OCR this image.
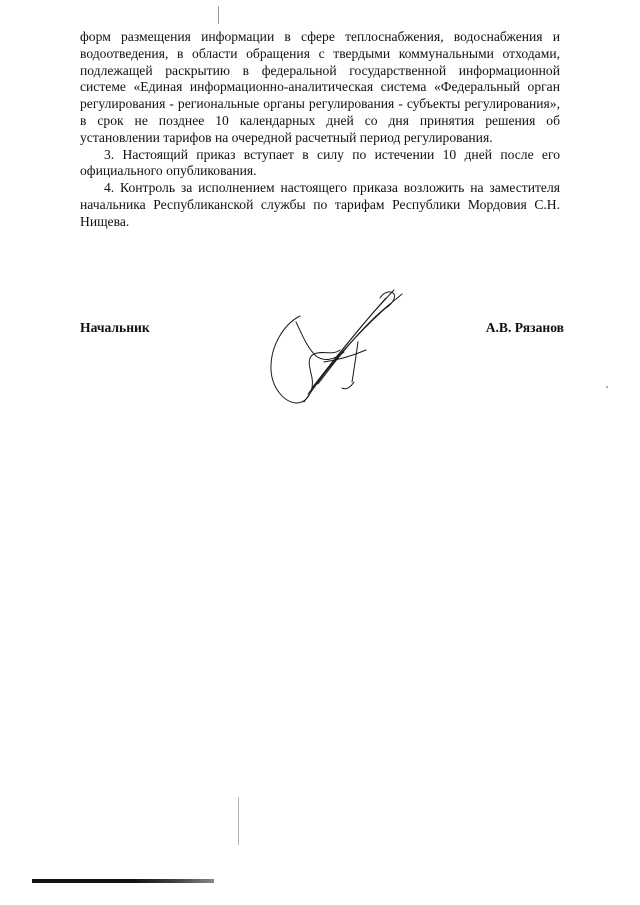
форм размещения информации в сфере теплоснабжения, водоснабжения и водоотведения, в области обращения с твердыми коммунальными отходами, подлежащей раскрытию в федеральной государственной информационной системе «Единая информационно-аналитическая система «Федеральный орган регулирования - региональные органы регулирования - субъекты регулирования», в срок не позднее 10 календарных дней со дня принятия решения об установлении тарифов на очередной расчетный период регулирования.

3. Настоящий приказ вступает в силу по истечении 10 дней после его официального опубликования.

4. Контроль за исполнением настоящего приказа возложить на заместителя начальника Республиканской службы по тарифам Республики Мордовия С.Н. Нищева.

Начальник	А.В. Рязанов
